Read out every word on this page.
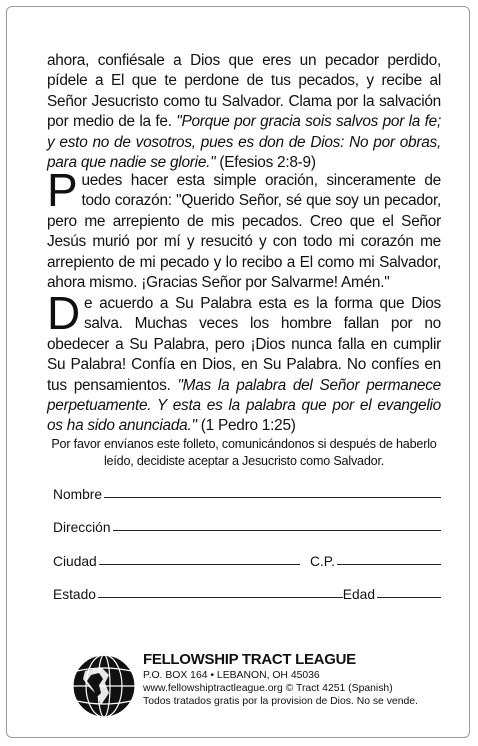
ahora, confiésale a Dios que eres un pecador perdido, pídele a El que te perdone de tus pecados, y recibe al Señor Jesucristo como tu Salvador. Clama por la salvación por medio de la fe. "Porque por gracia sois salvos por la fe; y esto no de vosotros, pues es don de Dios: No por obras, para que nadie se glorie." (Efesios 2:8-9)
Puedes hacer esta simple oración, sinceramente de todo corazón: "Querido Señor, sé que soy un pecador, pero me arrepiento de mis pecados. Creo que el Señor Jesús murió por mí y resucitó y con todo mi corazón me arrepiento de mi pecado y lo recibo a El como mi Salvador, ahora mismo. ¡Gracias Señor por Salvarme! Amén."
De acuerdo a Su Palabra esta es la forma que Dios salva. Muchas veces los hombre fallan por no obedecer a Su Palabra, pero ¡Dios nunca falla en cumplir Su Palabra! Confía en Dios, en Su Palabra. No confíes en tus pensamientos. "Mas la palabra del Señor permanece perpetuamente. Y esta es la palabra que por el evangelio os ha sido anunciada." (1 Pedro 1:25)
Por favor envíanos este folleto, comunicándonos si después de haberlo leído, decidiste aceptar a Jesucristo como Salvador.
Nombre
Dirección
Ciudad	C.P.
Estado	Edad
FELLOWSHIP TRACT LEAGUE
P.O. BOX 164 • LEBANON, OH 45036
www.fellowshiptractleague.org © Tract 4251 (Spanish)
Todos tratados gratis por la provision de Dios. No se vende.
